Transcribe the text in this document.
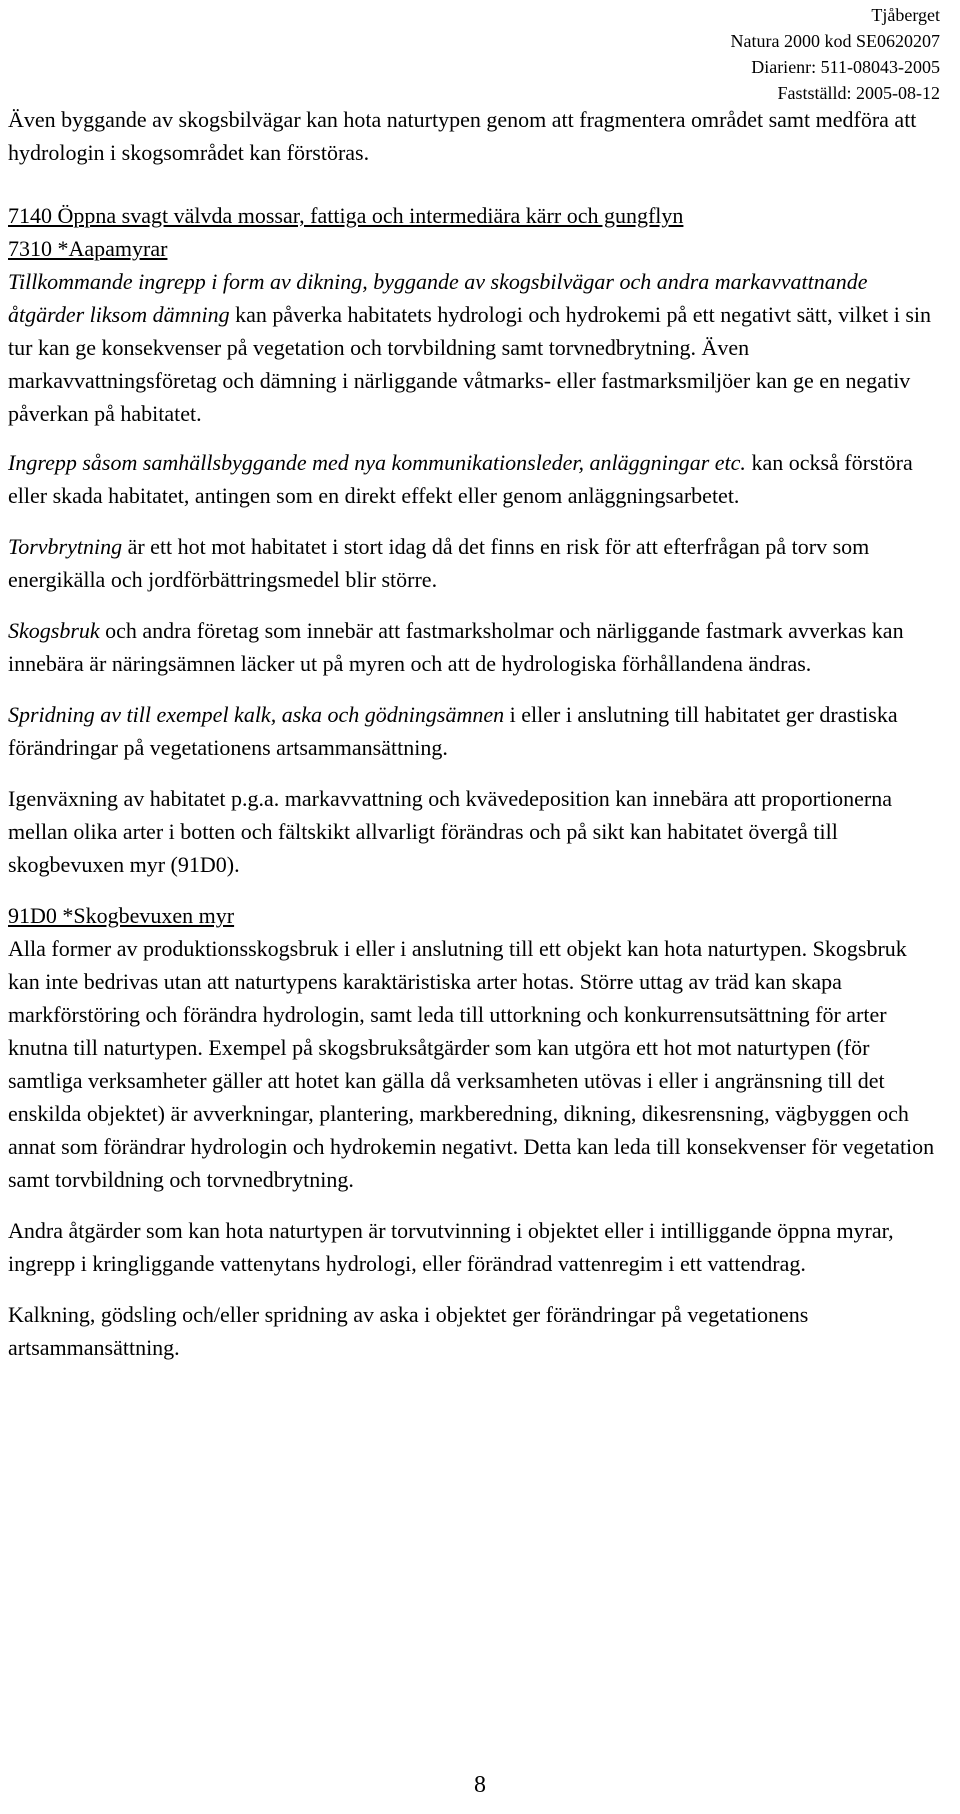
Tjåberget
Natura 2000 kod SE0620207
Diarienr: 511-08043-2005
Fastställd: 2005-08-12

Även byggande av skogsbilvägar kan hota naturtypen genom att fragmentera området samt medföra att hydrologin i skogsområdet kan förstöras.

7140 Öppna svagt välvda mossar, fattiga och intermediära kärr och gungflyn
7310 *Aapamyrar
Tillkommande ingrepp i form av dikning, byggande av skogsbilvägar och andra markavvattnande åtgärder liksom dämning kan påverka habitatets hydrologi och hydrokemi på ett negativt sätt, vilket i sin tur kan ge konsekvenser på vegetation och torvbildning samt torvnedbrytning. Även markavvattningsföretag och dämning i närliggande våtmarks- eller fastmarksmiljöer kan ge en negativ påverkan på habitatet.

Ingrepp såsom samhällsbyggande med nya kommunikationsleder, anläggningar etc. kan också förstöra eller skada habitatet, antingen som en direkt effekt eller genom anläggningsarbetet.

Torvbrytning är ett hot mot habitatet i stort idag då det finns en risk för att efterfrågan på torv som energikälla och jordförbättringsmedel blir större.

Skogsbruk och andra företag som innebär att fastmarksholmar och närliggande fastmark avverkas kan innebära är näringsämnen läcker ut på myren och att de hydrologiska förhållandena ändras.

Spridning av till exempel kalk, aska och gödningsämnen i eller i anslutning till habitatet ger drastiska förändringar på vegetationens artsammansättning.

Igenväxning av habitatet p.g.a. markavvattning och kvävedeposition kan innebära att proportionerna mellan olika arter i botten och fältskikt allvarligt förändras och på sikt kan habitatet övergå till skogbevuxen myr (91D0).

91D0 *Skogbevuxen myr
Alla former av produktionsskogsbruk i eller i anslutning till ett objekt kan hota naturtypen. Skogsbruk kan inte bedrivas utan att naturtypens karaktäristiska arter hotas. Större uttag av träd kan skapa markförstöring och förändra hydrologin, samt leda till uttorkning och konkurrensutsättning för arter knutna till naturtypen. Exempel på skogsbruksåtgärder som kan utgöra ett hot mot naturtypen (för samtliga verksamheter gäller att hotet kan gälla då verksamheten utövas i eller i angränsning till det enskilda objektet) är avverkningar, plantering, markberedning, dikning, dikesrensning, vägbyggen och annat som förändrar hydrologin och hydrokemin negativt. Detta kan leda till konsekvenser för vegetation samt torvbildning och torvnedbrytning.

Andra åtgärder som kan hota naturtypen är torvutvinning i objektet eller i intilliggande öppna myrar, ingrepp i kringliggande vattenytans hydrologi, eller förändrad vattenregim i ett vattendrag.

Kalkning, gödsling och/eller spridning av aska i objektet ger förändringar på vegetationens artsammansättning.

8
